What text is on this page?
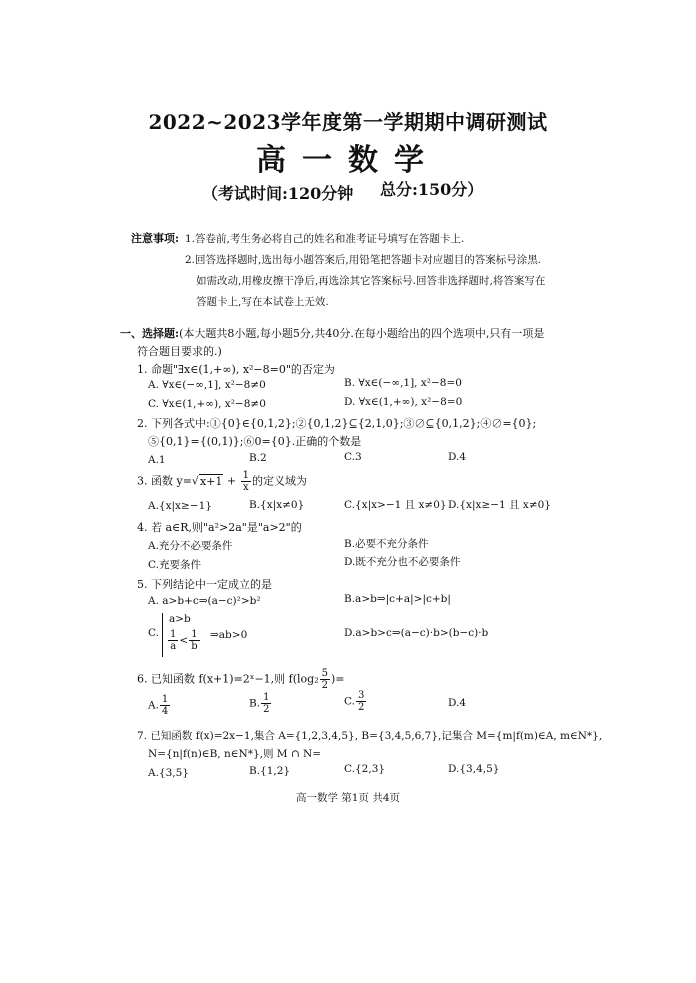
2022~2023学年度第一学期期中调研测试
高一数学
（考试时间:120分钟 总分:150分）
注意事项: 1.答卷前,考生务必将自己的姓名和准考证号填写在答题卡上.
2.回答选择题时,选出每小题答案后,用铅笔把答题卡对应题目的答案标号涂黑.
如需改动,用橡皮擦干净后,再选涂其它答案标号.回答非选择题时,将答案写在
答题卡上,写在本试卷上无效.
一、选择题:(本大题共8小题,每小题5分,共40分.在每小题给出的四个选项中,只有一项是
符合题目要求的.)
1. 命题"∃x∈(1,+∞), x²−8=0"的否定为
A. ∀x∈(−∞,1], x²−8≠0	B. ∀x∈(−∞,1], x²−8=0
C. ∀x∈(1,+∞), x²−8≠0	D. ∀x∈(1,+∞), x²−8=0
2. 下列各式中:①{0}∈{0,1,2};②{0,1,2}⊆{2,1,0};③∅⊆{0,1,2};④∅={0};
⑤{0,1}={(0,1)};⑥0={0}.正确的个数是
A.1	B.2	C.3	D.4
3. 函数 $y=√x+1 + \frac{1}{x}$ 的定义域为
A.{x|x≥−1}	B.{x|x≠0}	C.{x|x>−1 且 x≠0} D.{x|x≥−1 且 x≠0}
4. 若 a∈R,则"a²>2a"是"a>2"的
A.充分不必要条件	B.必要不充分条件
C.充要条件	D.既不充分也不必要条件
5. 下列结论中一定成立的是
A. a>b+c⇒(a−c)²>b²	B.a>b⇒|c+a|>|c+b|
C.
a>b
$\frac{1}{a} < \frac{1}{b}$ ⇒ab>0	D.a>b>c⇒(a−c)·b>(b−c)·b
6. 已知函数 f(x+1)=2ˣ−1,则 $f(\log_2 \frac{5}{2}$ )=
A. $\frac{1}{4}$	B. $\frac{1}{2}$	C. $\frac{3}{2}$	D.4
7. 已知函数 f(x)=2x−1,集合 A={1,2,3,4,5}, B={3,4,5,6,7},记集合 M={m|f(m)∈A, m∈N*},
N={n|f(n)∈B, n∈N*},则 M ∩ N=
A.{3,5}	B.{1,2}	C.{2,3}	D.{3,4,5}
高一数学 第1页 共4页
